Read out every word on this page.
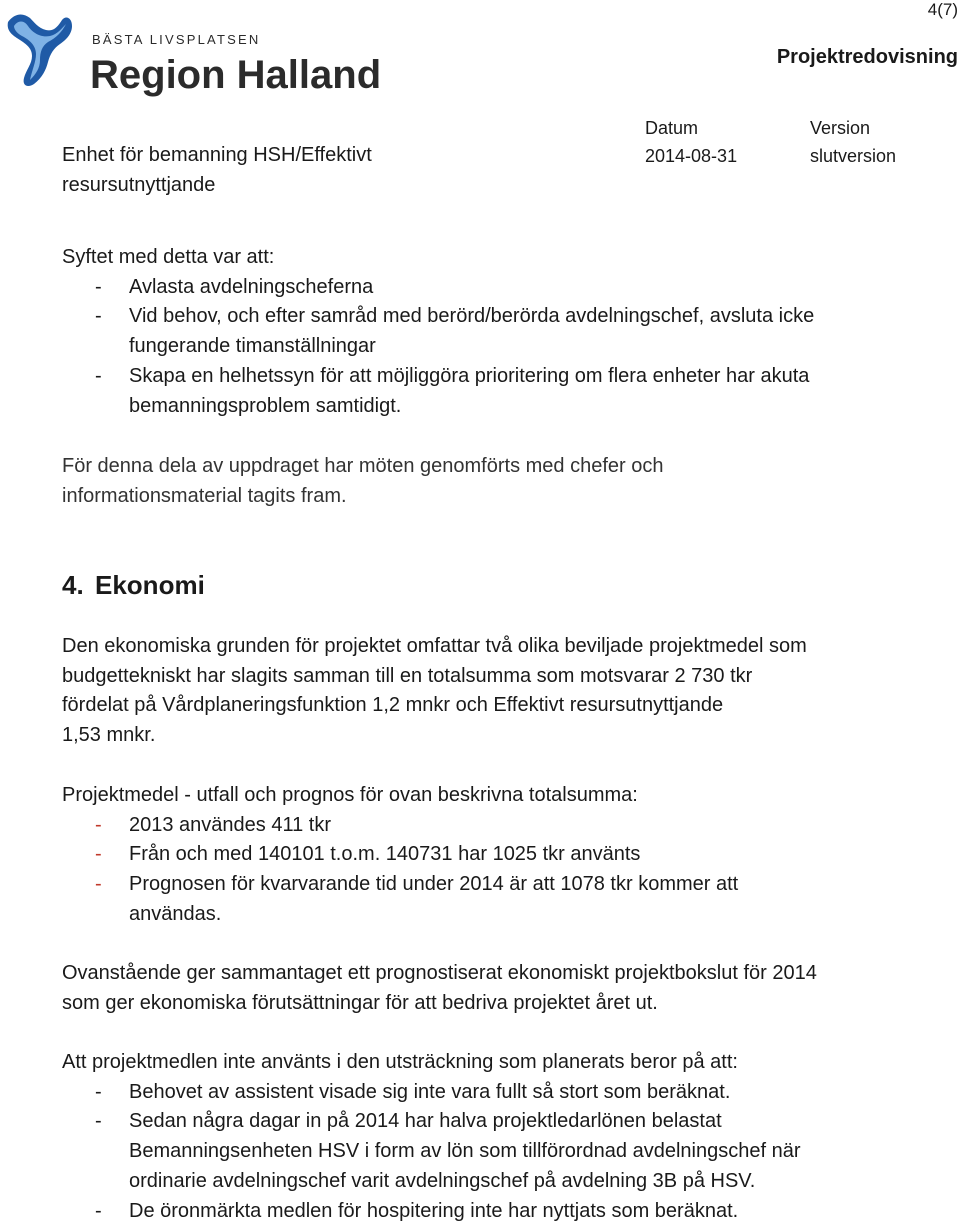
BÄSTA LIVSPLATSEN
Region Halland
4(7)
Projektredovisning
Enhet för bemanning HSH/Effektivt
resursutnyttjande
Datum
2014-08-31
Version
slutversion

Syftet med detta var att:

- Avlasta avdelningscheferna
- Vid behov, och efter samråd med berörd/berörda avdelningschef, avsluta icke
fungerande timanställningar
- Skapa en helhetssyn för att möjliggöra prioritering om flera enheter har akuta
bemanningsproblem samtidigt.
För denna dela av uppdraget har möten genomförts med chefer och
informationsmaterial tagits fram.
4. Ekonomi
Den ekonomiska grunden för projektet omfattar två olika beviljade projektmedel som
budgettekniskt har slagits samman till en totalsumma som motsvarar 2 730 tkr
fördelat på Vårdplaneringsfunktion 1,2 mnkr och Effektivt resursutnyttjande
1,53 mnkr.

Projektmedel - utfall och prognos för ovan beskrivna totalsumma:

- 2013 användes 411 tkr
- Från och med 140101 t.o.m. 140731 har 1025 tkr använts
- Prognosen för kvarvarande tid under 2014 är att 1078 tkr kommer att
användas.
Ovanstående ger sammantaget ett prognostiserat ekonomiskt projektbokslut för 2014
som ger ekonomiska förutsättningar för att bedriva projektet året ut.

Att projektmedlen inte använts i den utsträckning som planerats beror på att:

- Behovet av assistent visade sig inte vara fullt så stort som beräknat.
- Sedan några dagar in på 2014 har halva projektledarlönen belastat
Bemanningsenheten HSV i form av lön som tillförordnad avdelningschef när
ordinarie avdelningschef varit avdelningschef på avdelning 3B på HSV.
- De öronmärkta medlen för hospitering inte har nyttjats som beräknat.
